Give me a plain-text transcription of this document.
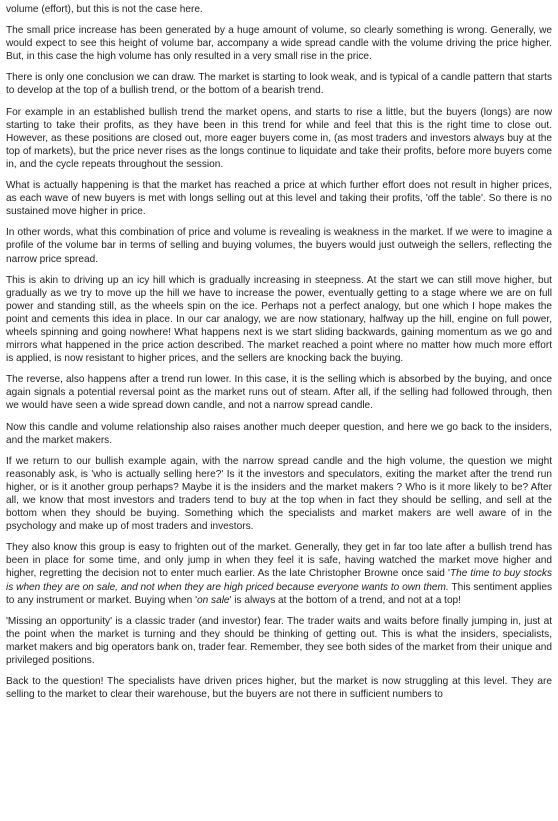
volume (effort), but this is not the case here.

The small price increase has been generated by a huge amount of volume, so clearly something is wrong. Generally, we would expect to see this height of volume bar, accompany a wide spread candle with the volume driving the price higher. But, in this case the high volume has only resulted in a very small rise in the price.

There is only one conclusion we can draw. The market is starting to look weak, and is typical of a candle pattern that starts to develop at the top of a bullish trend, or the bottom of a bearish trend.

For example in an established bullish trend the market opens, and starts to rise a little, but the buyers (longs) are now starting to take their profits, as they have been in this trend for while and feel that this is the right time to close out. However, as these positions are closed out, more eager buyers come in, (as most traders and investors always buy at the top of markets), but the price never rises as the longs continue to liquidate and take their profits, before more buyers come in, and the cycle repeats throughout the session.

What is actually happening is that the market has reached a price at which further effort does not result in higher prices, as each wave of new buyers is met with longs selling out at this level and taking their profits, 'off the table'. So there is no sustained move higher in price.

In other words, what this combination of price and volume is revealing is weakness in the market. If we were to imagine a profile of the volume bar in terms of selling and buying volumes, the buyers would just outweigh the sellers, reflecting the narrow price spread.

This is akin to driving up an icy hill which is gradually increasing in steepness. At the start we can still move higher, but gradually as we try to move up the hill we have to increase the power, eventually getting to a stage where we are on full power and standing still, as the wheels spin on the ice. Perhaps not a perfect analogy, but one which I hope makes the point and cements this idea in place. In our car analogy, we are now stationary, halfway up the hill, engine on full power, wheels spinning and going nowhere! What happens next is we start sliding backwards, gaining momentum as we go and mirrors what happened in the price action described. The market reached a point where no matter how much more effort is applied, is now resistant to higher prices, and the sellers are knocking back the buying.

The reverse, also happens after a trend run lower. In this case, it is the selling which is absorbed by the buying, and once again signals a potential reversal point as the market runs out of steam. After all, if the selling had followed through, then we would have seen a wide spread down candle, and not a narrow spread candle.

Now this candle and volume relationship also raises another much deeper question, and here we go back to the insiders, and the market makers.

If we return to our bullish example again, with the narrow spread candle and the high volume, the question we might reasonably ask, is 'who is actually selling here?' Is it the investors and speculators, exiting the market after the trend run higher, or is it another group perhaps? Maybe it is the insiders and the market makers ? Who is it more likely to be? After all, we know that most investors and traders tend to buy at the top when in fact they should be selling, and sell at the bottom when they should be buying. Something which the specialists and market makers are well aware of in the psychology and make up of most traders and investors.

They also know this group is easy to frighten out of the market. Generally, they get in far too late after a bullish trend has been in place for some time, and only jump in when they feel it is safe, having watched the market move higher and higher, regretting the decision not to enter much earlier. As the late Christopher Browne once said 'The time to buy stocks is when they are on sale, and not when they are high priced because everyone wants to own them. This sentiment applies to any instrument or market. Buying when 'on sale' is always at the bottom of a trend, and not at a top!

'Missing an opportunity' is a classic trader (and investor) fear. The trader waits and waits before finally jumping in, just at the point when the market is turning and they should be thinking of getting out. This is what the insiders, specialists, market makers and big operators bank on, trader fear. Remember, they see both sides of the market from their unique and privileged positions.

Back to the question! The specialists have driven prices higher, but the market is now struggling at this level. They are selling to the market to clear their warehouse, but the buyers are not there in sufficient numbers to
